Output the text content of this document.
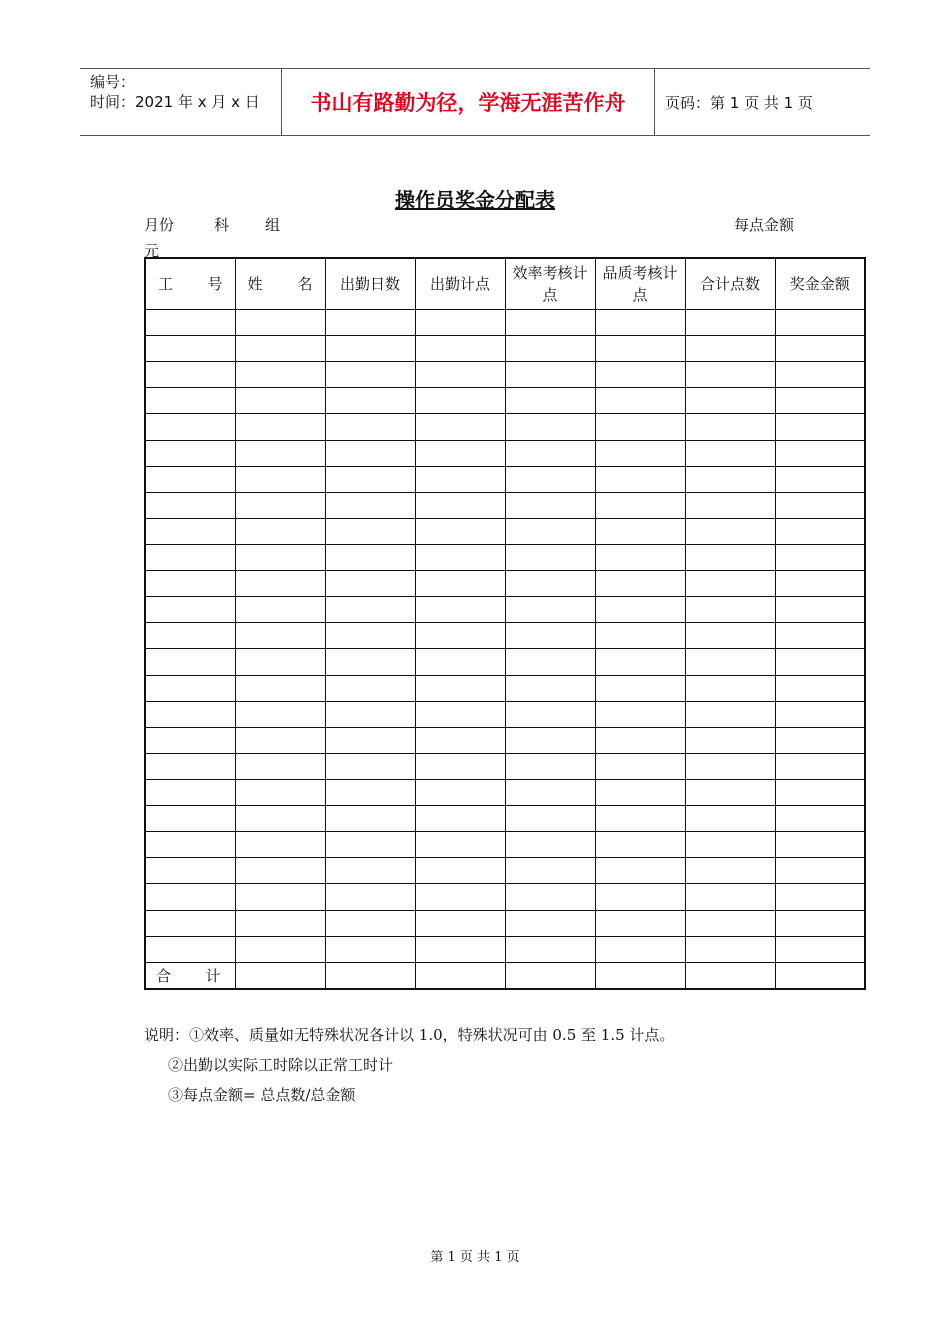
编号：
时间：2021 年 x 月 x 日	书山有路勤为径，学海无涯苦作舟	页码：第 1 页 共 1 页
操作员奖金分配表
月份	科 组	每点金额
元
工 号	姓 名	出勤日数	出勤计点	效率考核计点	品质考核计点	合计点数	奖金金额

合 计							

说明：①效率、质量如无特殊状况各计以 1.0，特殊状况可由 0.5 至 1.5 计点。
②出勤以实际工时除以正常工时计
③每点金额= 总点数/总金额
第 1 页 共 1 页
